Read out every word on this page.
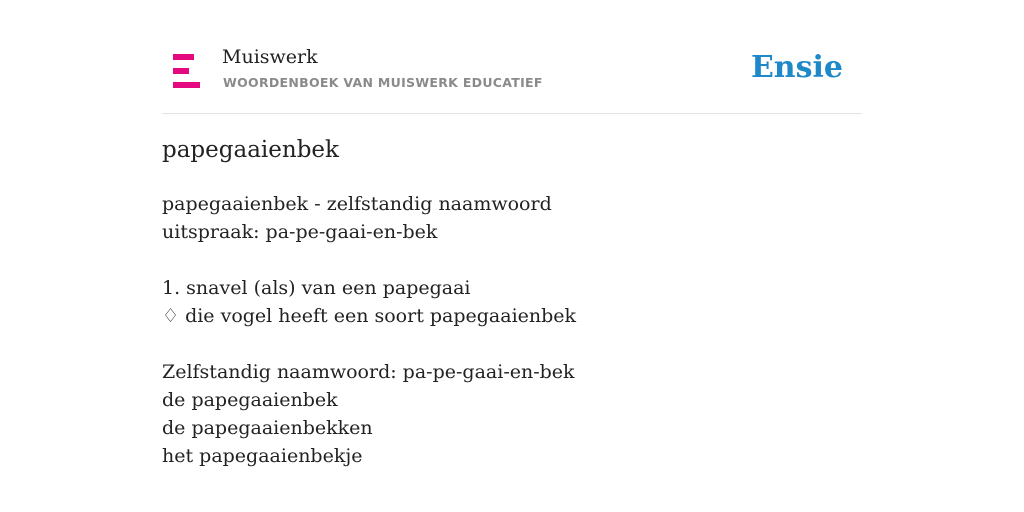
Muiswerk
WOORDENBOEK VAN MUISWERK EDUCATIEF	Ensie
papegaaienbek
papegaaienbek - zelfstandig naamwoord
uitspraak: pa-pe-gaai-en-bek
1. snavel (als) van een papegaai
♢ die vogel heeft een soort papegaaienbek
Zelfstandig naamwoord: pa-pe-gaai-en-bek
de papegaaienbek
de papegaaienbekken
het papegaaienbekje
